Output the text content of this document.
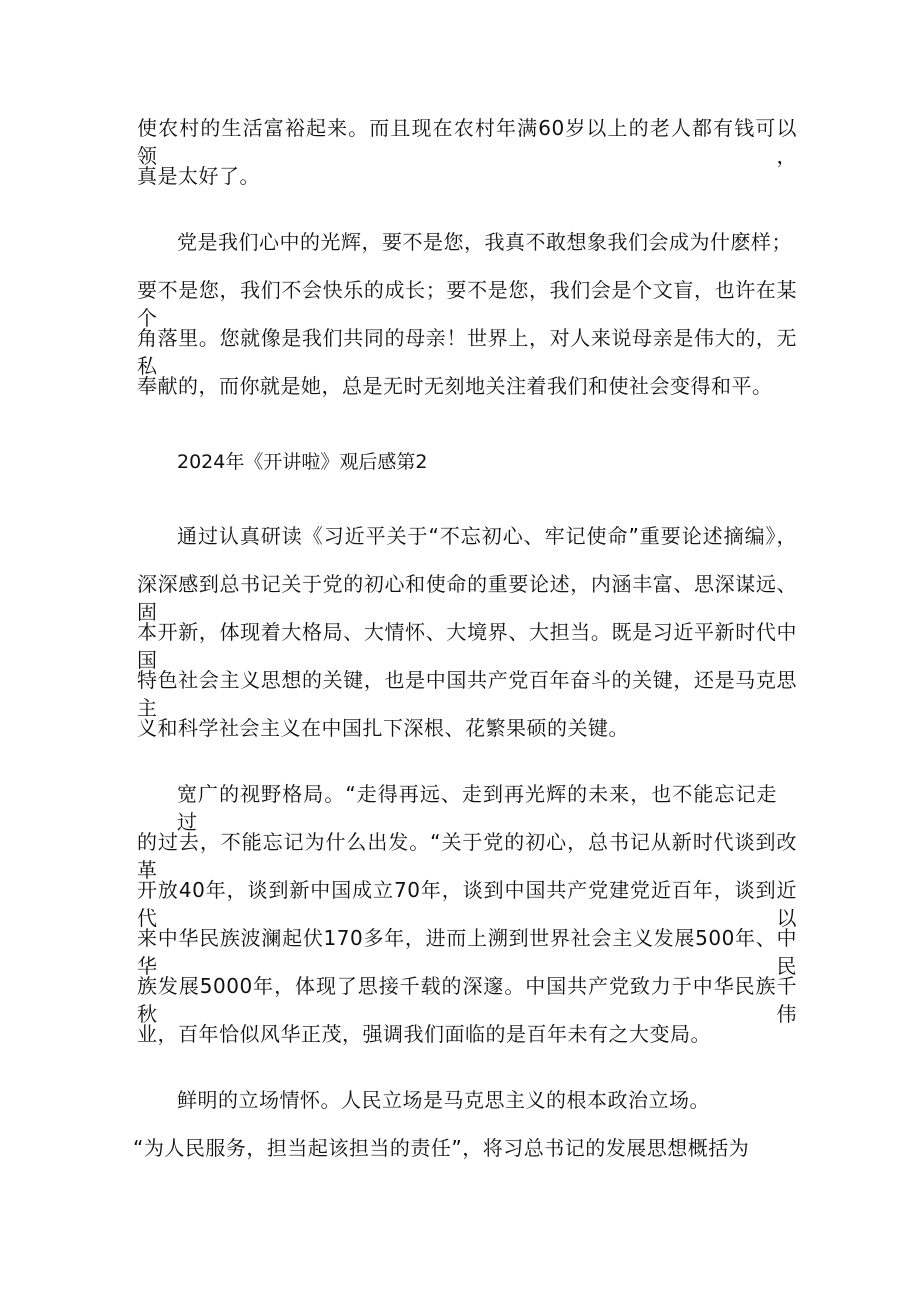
使农村的生活富裕起来。而且现在农村年满60岁以上的老人都有钱可以领，
真是太好了。
党是我们心中的光辉，要不是您，我真不敢想象我们会成为什麽样；
要不是您，我们不会快乐的成长；要不是您，我们会是个文盲，也许在某个
角落里。您就像是我们共同的母亲！世界上，对人来说母亲是伟大的，无私
奉献的，而你就是她，总是无时无刻地关注着我们和使社会变得和平。
2024年《开讲啦》观后感第2
通过认真研读《习近平关于“不忘初心、牢记使命”重要论述摘编》，
深深感到总书记关于党的初心和使命的重要论述，内涵丰富、思深谋远、固
本开新，体现着大格局、大情怀、大境界、大担当。既是习近平新时代中国
特色社会主义思想的关键，也是中国共产党百年奋斗的关键，还是马克思主
义和科学社会主义在中国扎下深根、花繁果硕的关键。
宽广的视野格局。“走得再远、走到再光辉的未来，也不能忘记走过
的过去，不能忘记为什么出发。“关于党的初心，总书记从新时代谈到改革
开放40年，谈到新中国成立70年，谈到中国共产党建党近百年，谈到近代以
来中华民族波澜起伏170多年，进而上溯到世界社会主义发展500年、中华民
族发展5000年，体现了思接千载的深邃。中国共产党致力于中华民族千秋伟
业，百年恰似风华正茂，强调我们面临的是百年未有之大变局。
鲜明的立场情怀。人民立场是马克思主义的根本政治立场。
“为人民服务，担当起该担当的责任”，将习总书记的发展思想概括为
